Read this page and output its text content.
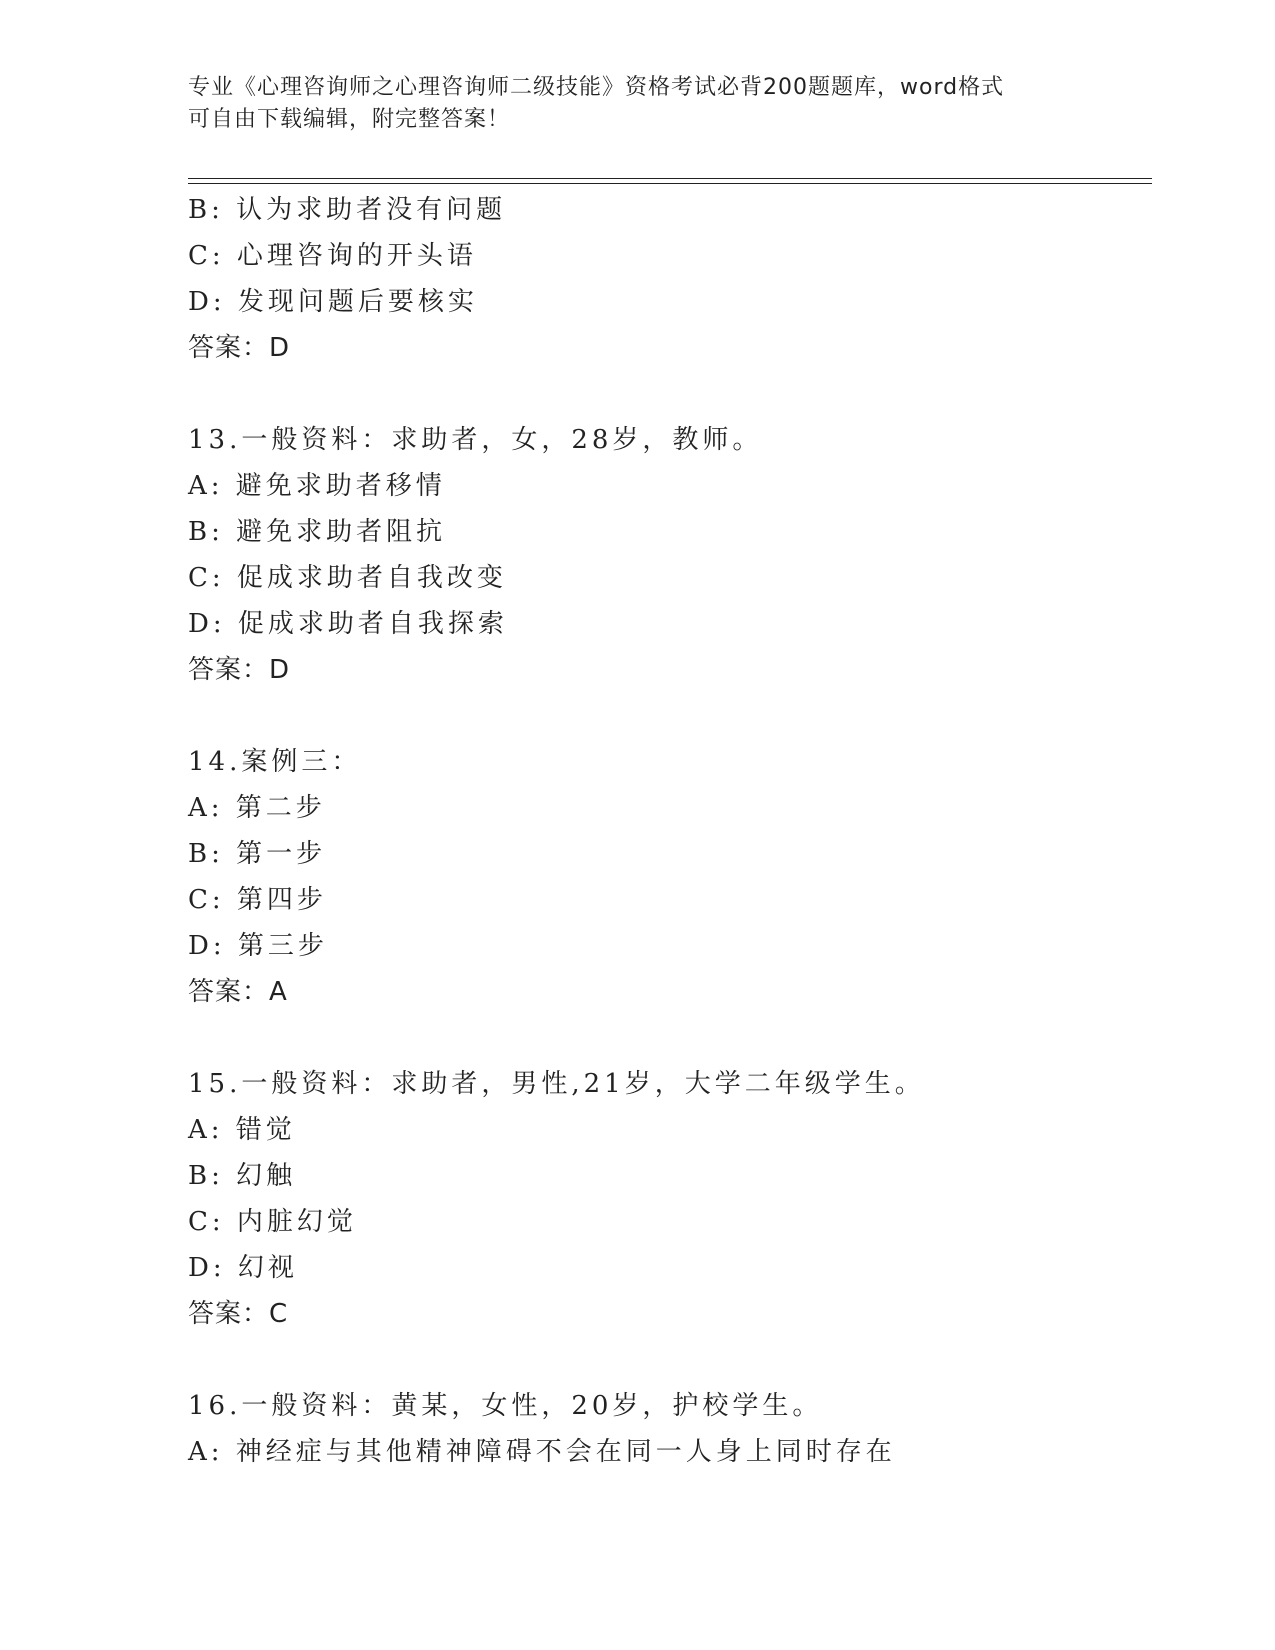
专业《心理咨询师之心理咨询师二级技能》资格考试必背200题题库，word格式
可自由下载编辑，附完整答案！
B: 认为求助者没有问题
C: 心理咨询的开头语
D: 发现问题后要核实
答案：D
13.一般资料：求助者，女，28岁，教师。
A: 避免求助者移情
B: 避免求助者阻抗
C: 促成求助者自我改变
D: 促成求助者自我探索
答案：D
14.案例三：
A: 第二步
B: 第一步
C: 第四步
D: 第三步
答案：A
15.一般资料：求助者，男性,21岁，大学二年级学生。
A: 错觉
B: 幻触
C: 内脏幻觉
D: 幻视
答案：C
16.一般资料：黄某，女性，20岁，护校学生。
A: 神经症与其他精神障碍不会在同一人身上同时存在
